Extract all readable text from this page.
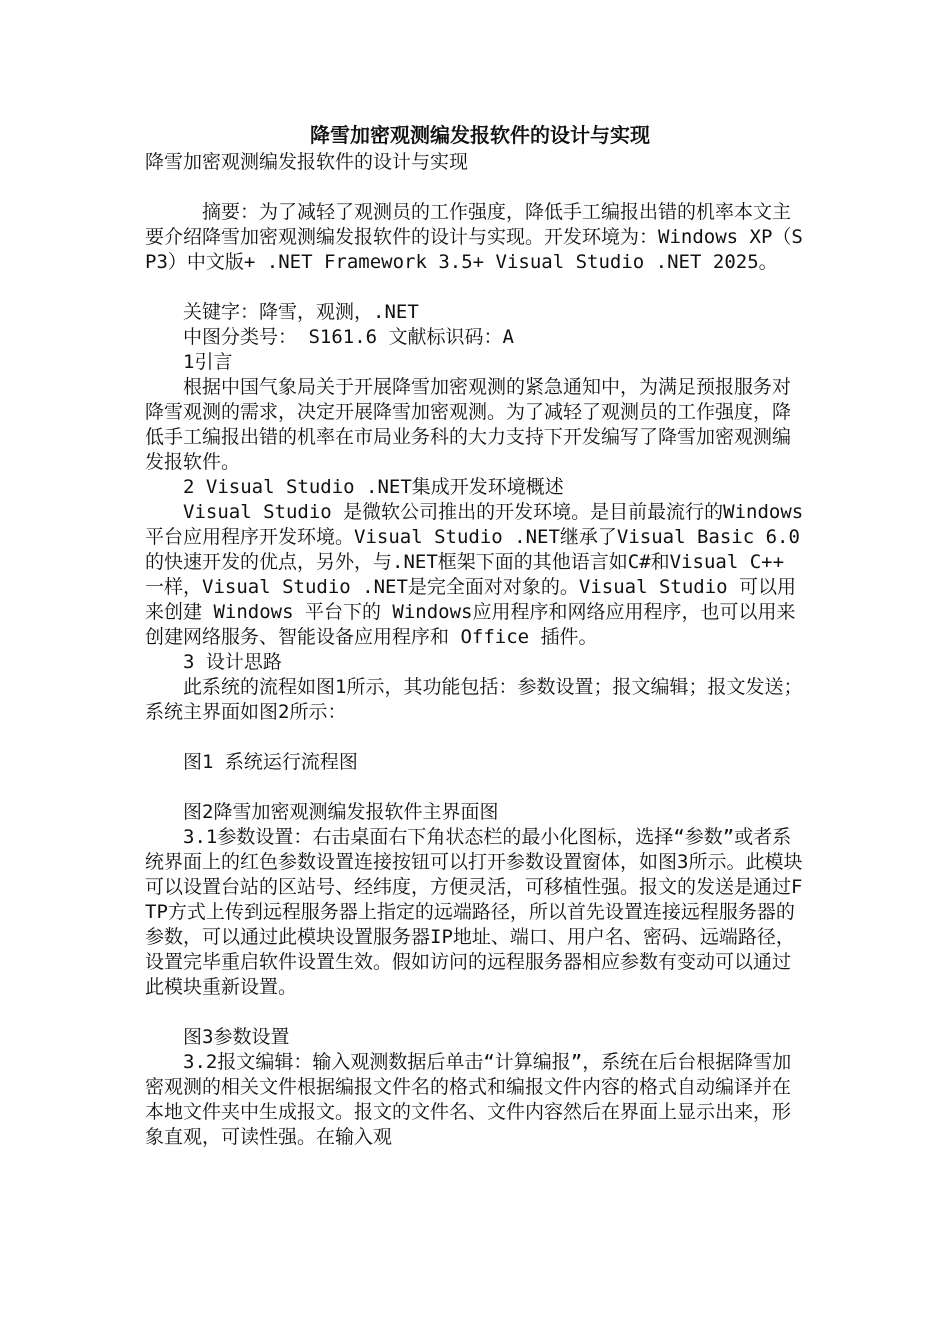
降雪加密观测编发报软件的设计与实现

降雪加密观测编发报软件的设计与实现

摘要：为了减轻了观测员的工作强度，降低手工编报出错的机率本文主要介绍降雪加密观测编发报软件的设计与实现。开发环境为：Windows XP（SP3）中文版+ .NET Framework 3.5+ Visual Studio .NET 2025。

关键字：降雪，观测，.NET

中图分类号： S161.6 文献标识码：A

1引言

根据中国气象局关于开展降雪加密观测的紧急通知中，为满足预报服务对降雪观测的需求，决定开展降雪加密观测。为了减轻了观测员的工作强度，降低手工编报出错的机率在市局业务科的大力支持下开发编写了降雪加密观测编发报软件。

2 Visual Studio .NET集成开发环境概述

Visual Studio 是微软公司推出的开发环境。是目前最流行的Windows 平台应用程序开发环境。Visual Studio .NET继承了Visual Basic 6.0的快速开发的优点，另外，与.NET框架下面的其他语言如C#和Visual C++ 一样，Visual Studio .NET是完全面对对象的。Visual Studio 可以用来创建 Windows 平台下的 Windows应用程序和网络应用程序，也可以用来创建网络服务、智能设备应用程序和 Office 插件。

3 设计思路

此系统的流程如图1所示，其功能包括：参数设置；报文编辑；报文发送；系统主界面如图2所示：

图1 系统运行流程图

图2降雪加密观测编发报软件主界面图

3.1参数设置：右击桌面右下角状态栏的最小化图标，选择“参数”或者系统界面上的红色参数设置连接按钮可以打开参数设置窗体，如图3所示。此模块可以设置台站的区站号、经纬度，方便灵活，可移植性强。报文的发送是通过FTP方式上传到远程服务器上指定的远端路径，所以首先设置连接远程服务器的参数，可以通过此模块设置服务器IP地址、端口、用户名、密码、远端路径，设置完毕重启软件设置生效。假如访问的远程服务器相应参数有变动可以通过此模块重新设置。

图3参数设置

3.2报文编辑：输入观测数据后单击“计算编报”，系统在后台根据降雪加密观测的相关文件根据编报文件名的格式和编报文件内容的格式自动编译并在本地文件夹中生成报文。报文的文件名、文件内容然后在界面上显示出来，形象直观，可读性强。在输入观
